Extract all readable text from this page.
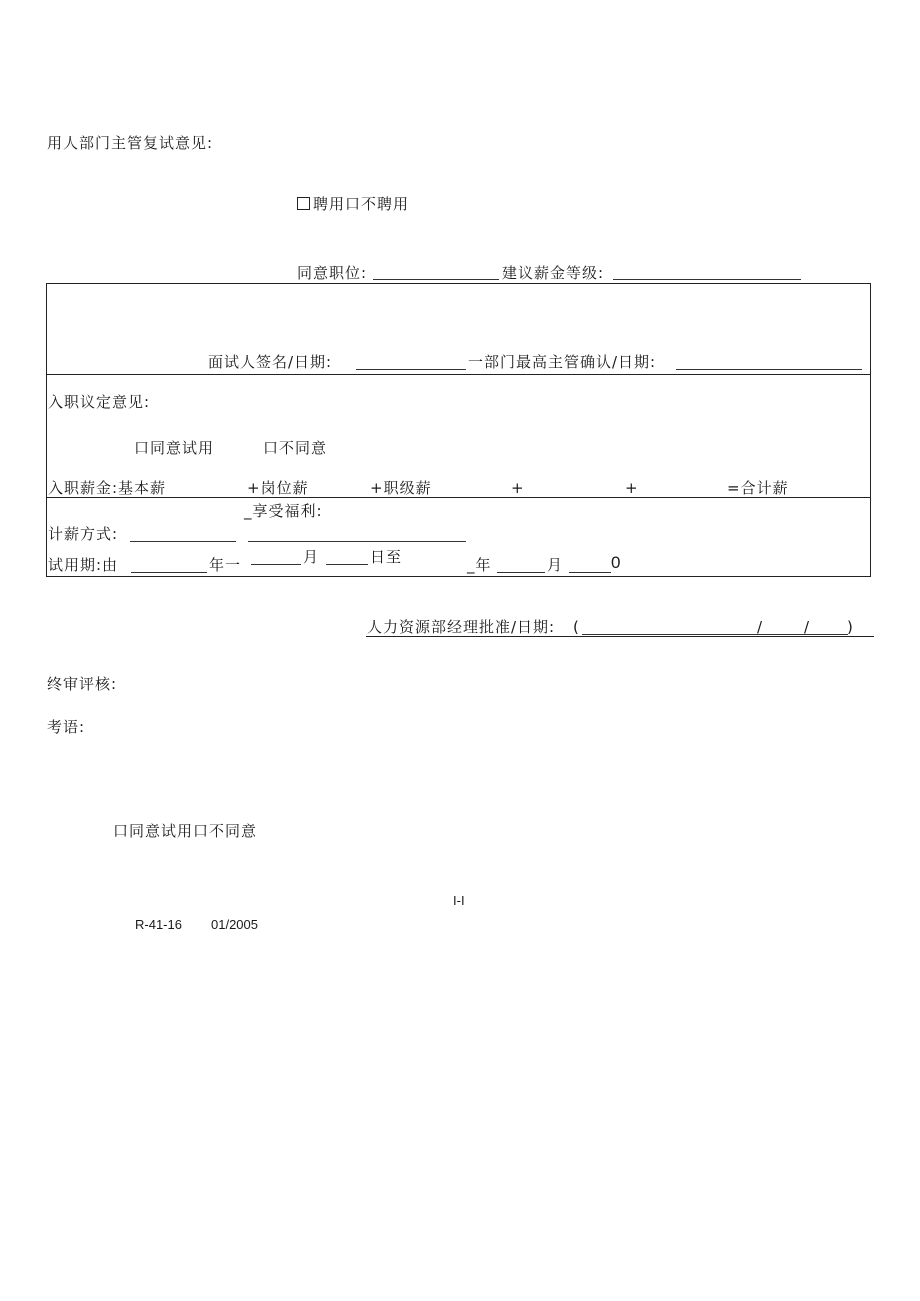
用人部门主管复试意见:
聘用口不聘用
同意职位:	建议薪金等级:
面试人签名/日期:	一部门最高主管确认/日期:
入职议定意见:
口同意试用	口不同意
入职薪金:基本薪	+岗位薪	+职级薪	+	+	=合计薪
_享受福利:
计薪方式:
试用期:由	年一	月	日至	_年	月	0
人力资源部经理批准/日期: (	/	/ )
终审评核:
考语:
口同意试用口不同意
I-I
R-41-16 01/2005
